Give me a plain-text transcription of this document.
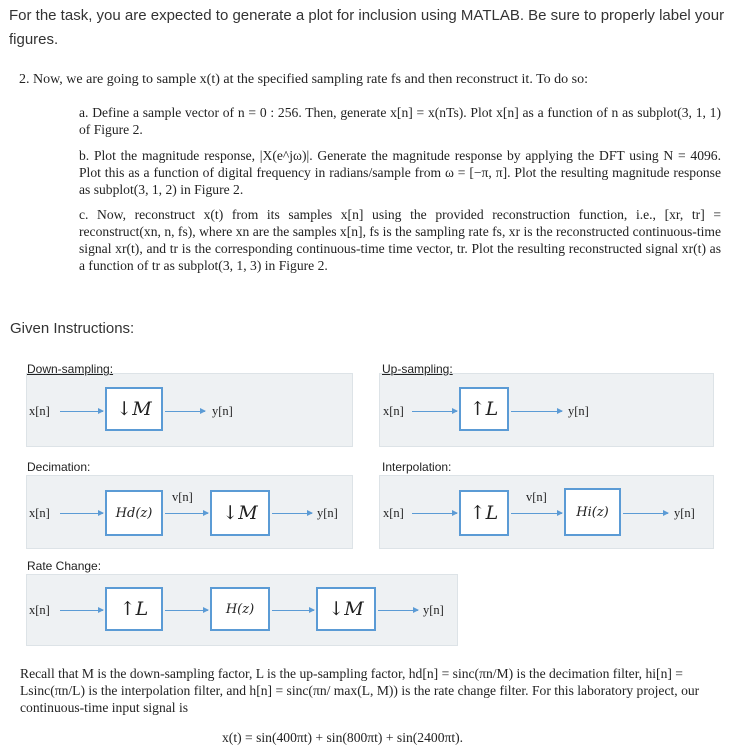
For the task, you are expected to generate a plot for inclusion using MATLAB. Be sure to properly label your figures.
2. Now, we are going to sample x(t) at the specified sampling rate fs and then reconstruct it. To do so:
a. Define a sample vector of n = 0 : 256. Then, generate x[n] = x(nTs). Plot x[n] as a function of n as subplot(3, 1, 1) of Figure 2.
b. Plot the magnitude response, |X(e^jω)|. Generate the magnitude response by applying the DFT using N = 4096. Plot this as a function of digital frequency in radians/sample from ω = [−π, π]. Plot the resulting magnitude response as subplot(3, 1, 2) in Figure 2.
c. Now, reconstruct x(t) from its samples x[n] using the provided reconstruction function, i.e., [xr, tr] = reconstruct(xn, n, fs), where xn are the samples x[n], fs is the sampling rate fs, xr is the reconstructed continuous-time signal xr(t), and tr is the corresponding continuous-time time vector, tr. Plot the resulting reconstructed signal xr(t) as a function of tr as subplot(3, 1, 3) in Figure 2.
Given Instructions:
Down-sampling:
x[n]	↓M	y[n]
Up-sampling:
x[n]	↑L	y[n]
Decimation:
x[n]	Hd(z)
v[n]
↓M	y[n]
Interpolation:
x[n]	↑L
v[n]
Hi(z)	y[n]
Rate Change:
x[n]	↑L	H(z)	↓M	y[n]
Recall that M is the down-sampling factor, L is the up-sampling factor, hd[n] = sinc(πn/M) is the decimation filter, hi[n] = Lsinc(πn/L) is the interpolation filter, and h[n] = sinc(πn/ max(L, M)) is the rate change filter. For this laboratory project, our continuous-time input signal is
x(t) = sin(400πt) + sin(800πt) + sin(2400πt).
